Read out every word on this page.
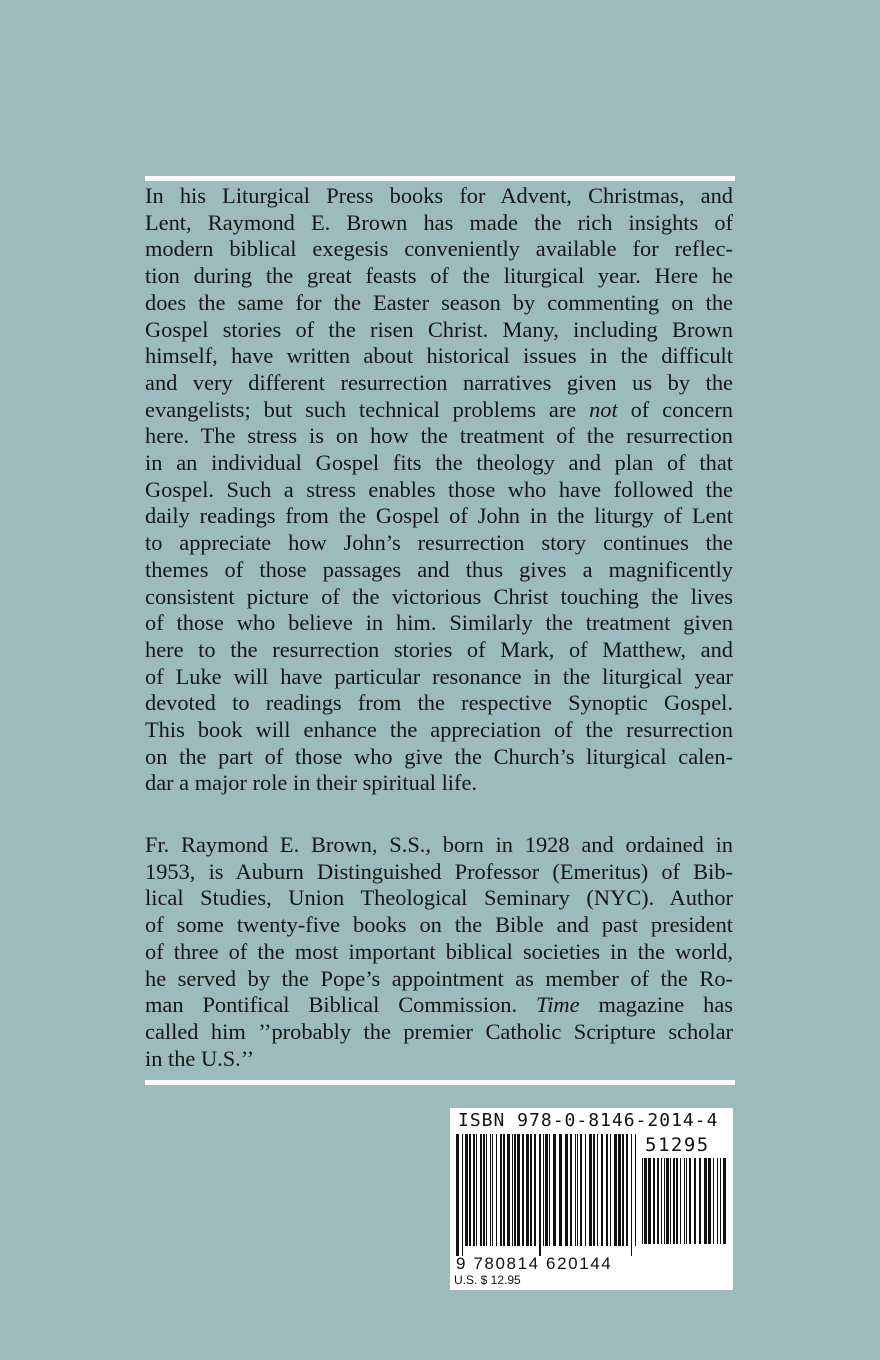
In his Liturgical Press books for Advent, Christmas, and
Lent, Raymond E. Brown has made the rich insights of
modern biblical exegesis conveniently available for reflec-
tion during the great feasts of the liturgical year. Here he
does the same for the Easter season by commenting on the
Gospel stories of the risen Christ. Many, including Brown
himself, have written about historical issues in the difficult
and very different resurrection narratives given us by the
evangelists; but such technical problems are not of concern
here. The stress is on how the treatment of the resurrection
in an individual Gospel fits the theology and plan of that
Gospel. Such a stress enables those who have followed the
daily readings from the Gospel of John in the liturgy of Lent
to appreciate how John’s resurrection story continues the
themes of those passages and thus gives a magnificently
consistent picture of the victorious Christ touching the lives
of those who believe in him. Similarly the treatment given
here to the resurrection stories of Mark, of Matthew, and
of Luke will have particular resonance in the liturgical year
devoted to readings from the respective Synoptic Gospel.
This book will enhance the appreciation of the resurrection
on the part of those who give the Church’s liturgical calen-
dar a major role in their spiritual life.
Fr. Raymond E. Brown, S.S., born in 1928 and ordained in
1953, is Auburn Distinguished Professor (Emeritus) of Bib-
lical Studies, Union Theological Seminary (NYC). Author
of some twenty-five books on the Bible and past president
of three of the most important biblical societies in the world,
he served by the Pope’s appointment as member of the Ro-
man Pontifical Biblical Commission. Time magazine has
called him ’’probably the premier Catholic Scripture scholar
in the U.S.’’
ISBN 978-0-8146-2014-4
51295
9 780814 620144
U.S. $ 12.95
